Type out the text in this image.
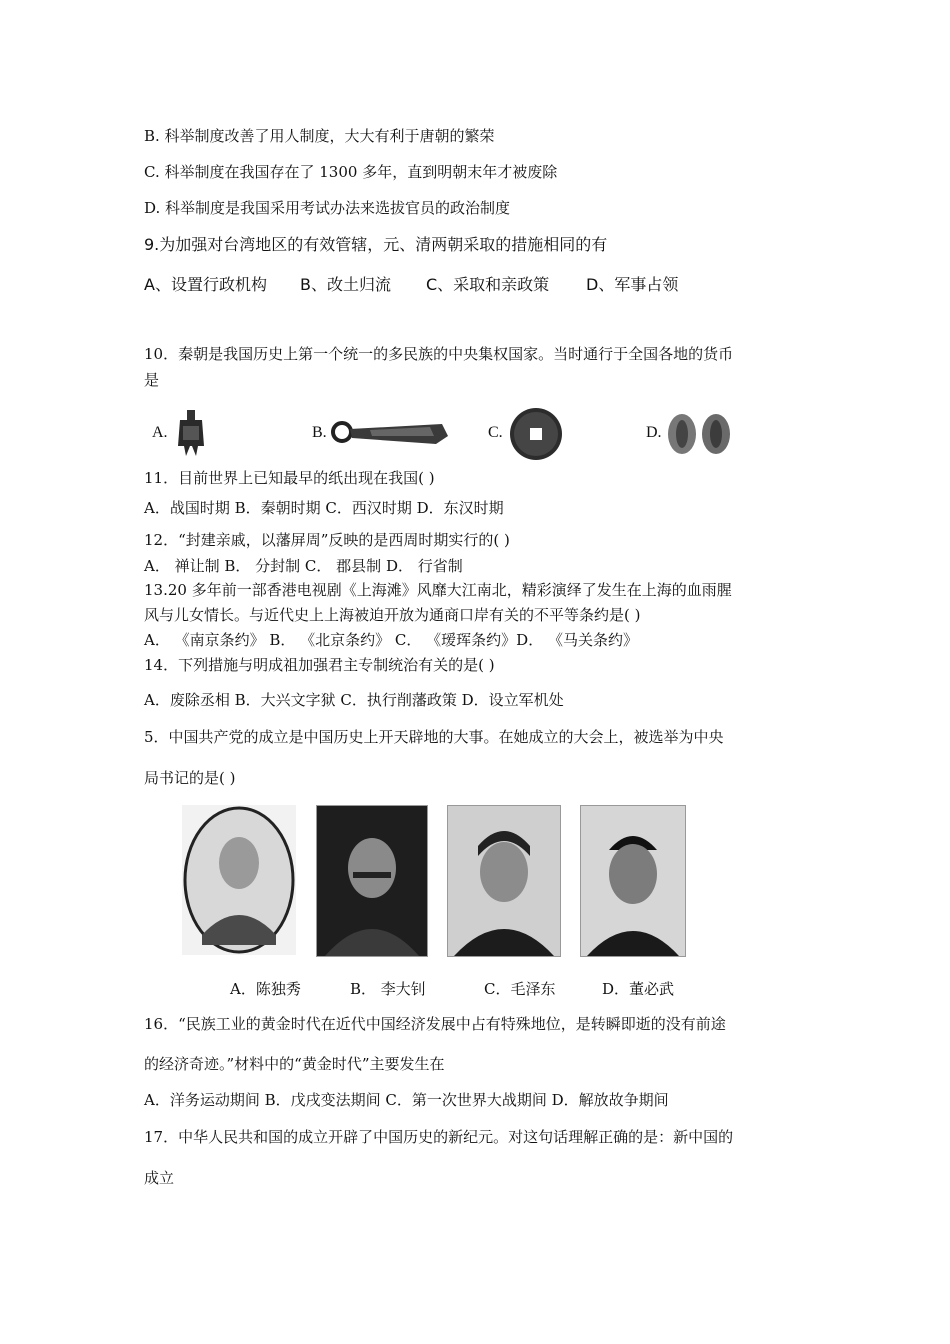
B. 科举制度改善了用人制度，大大有利于唐朝的繁荣
C. 科举制度在我国存在了 1300 多年，直到明朝末年才被废除
D. 科举制度是我国采用考试办法来选拔官员的政治制度
9.为加强对台湾地区的有效管辖，元、清两朝采取的措施相同的有
A、设置行政机构 B、改土归流 C、采取和亲政策 D、军事占领
10．秦朝是我国历史上第一个统一的多民族的中央集权国家。当时通行于全国各地的货币
是
A.	B.	C.	D.
11．目前世界上已知最早的纸出现在我国( )
A．战国时期 B．秦朝时期 C．西汉时期 D．东汉时期
12．“封建亲戚，以藩屏周”反映的是西周时期实行的( )
A． 禅让制 B． 分封制 C． 郡县制 D． 行省制
13.20 多年前一部香港电视剧《上海滩》风靡大江南北，精彩演绎了发生在上海的血雨腥
风与儿女情长。与近代史上上海被迫开放为通商口岸有关的不平等条约是( )
A． 《南京条约》 B． 《北京条约》 C． 《瑷珲条约》D． 《马关条约》
14．下列措施与明成祖加强君主专制统治有关的是( )
A．废除丞相 B．大兴文字狱 C．执行削藩政策 D．设立军机处
5．中国共产党的成立是中国历史上开天辟地的大事。在她成立的大会上，被选举为中央
局书记的是( )
A．陈独秀	B． 李大钊	C．毛泽东	D．董必武
16．“民族工业的黄金时代在近代中国经济发展中占有特殊地位，是转瞬即逝的没有前途
的经济奇迹。”材料中的“黄金时代”主要发生在
A．洋务运动期间 B．戊戌变法期间 C．第一次世界大战期间 D．解放故争期间
17．中华人民共和国的成立开辟了中国历史的新纪元。对这句话理解正确的是：新中国的
成立
